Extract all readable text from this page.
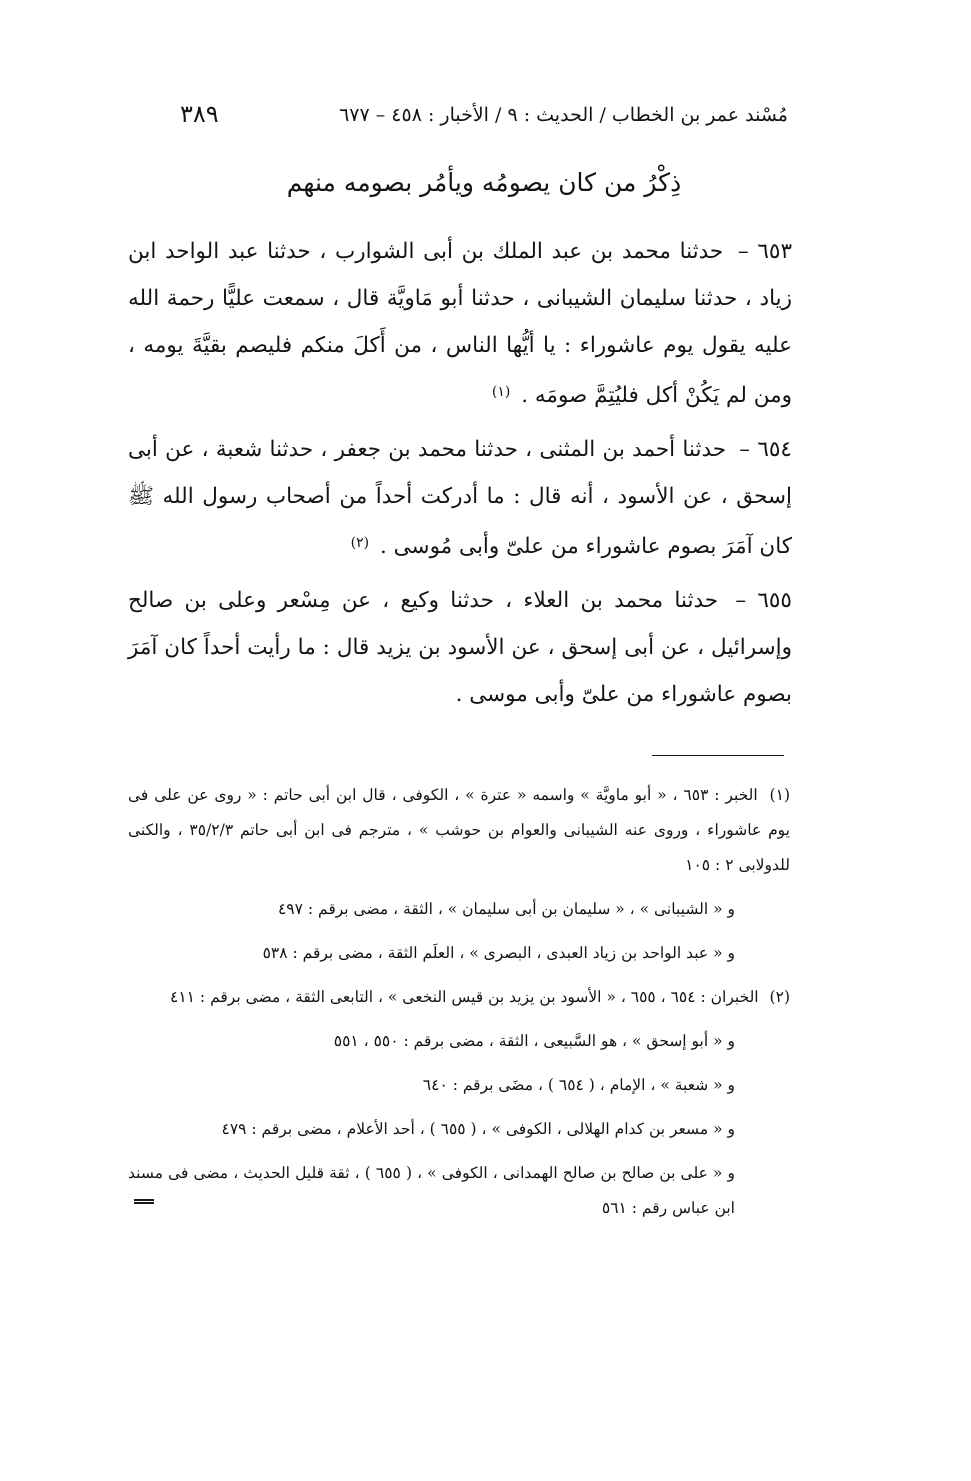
مُسْند عمر بن الخطاب / الحديث : ٩ / الأخبار : ٤٥٨ – ٦٧٧
٣٨٩
ذِكْرُ من كان يصومُه ويأمُر بصومه منهم

٦٥٣ – حدثنا محمد بن عبد الملك بن أبى الشوارب ، حدثنا عبد الواحد ابن زياد ، حدثنا سليمان الشيبانى ، حدثنا أبو مَاويَّة قال ، سمعت عليًّا رحمة الله عليه يقول يوم عاشوراء : يا أيُّها الناس ، من أَكلَ منكم فليصم بقيَّةَ يومه ، ومن لم يَكُنْ أكل فليُتِمَّ صومَه . $^{(١)}$

٦٥٤ – حدثنا أحمد بن المثنى ، حدثنا محمد بن جعفر ، حدثنا شعبة ، عن أبى إسحق ، عن الأسود ، أنه قال : ما أدركت أحداً من أصحاب رسول الله ﷺ كان آمَرَ بصوم عاشوراء من علىّ وأبى مُوسى . $^{(٢)}$

٦٥٥ – حدثنا محمد بن العلاء ، حدثنا وكيع ، عن مِسْعر وعلى بن صالح وإسرائيل ، عن أبى إسحق ، عن الأسود بن يزيد قال : ما رأيت أحداً كان آمَرَ بصوم عاشوراء من علىّ وأبى موسى .

(١) الخبر : ٦٥٣ ، « أبو ماويَّة » واسمه « عترة » ، الكوفى ، قال ابن أبى حاتم : « روى عن على فى يوم عاشوراء ، وروى عنه الشيبانى والعوام بن حوشب » ، مترجم فى ابن أبى حاتم ٣٥/٢/٣ ، والكنى للدولابى ٢ : ١٠٥

و « الشيبانى » ، « سليمان بن أبى سليمان » ، الثقة ، مضى برقم : ٤٩٧

و « عبد الواحد بن زياد العبدى ، البصرى » ، العلَم الثقة ، مضى برقم : ٥٣٨

(٢) الخبران : ٦٥٤ ، ٦٥٥ ، « الأسود بن يزيد بن قيس النخعى » ، التابعى الثقة ، مضى برقم : ٤١١

و « أبو إسحق » ، هو السَّبيعى ، الثقة ، مضى برقم : ٥٥٠ ، ٥٥١

و « شعبة » ، الإمام ، ( ٦٥٤ ) ، مضَى برقم : ٦٤٠

و « مسعر بن كدام الهلالى ، الكوفى » ، ( ٦٥٥ ) ، أحد الأعلام ، مضى برقم : ٤٧٩

و « على بن صالح بن صالح الهمدانى ، الكوفى » ، ( ٦٥٥ ) ، ثقة قليل الحديث ، مضى فى مسند ابن عباس رقم : ٥٦١
